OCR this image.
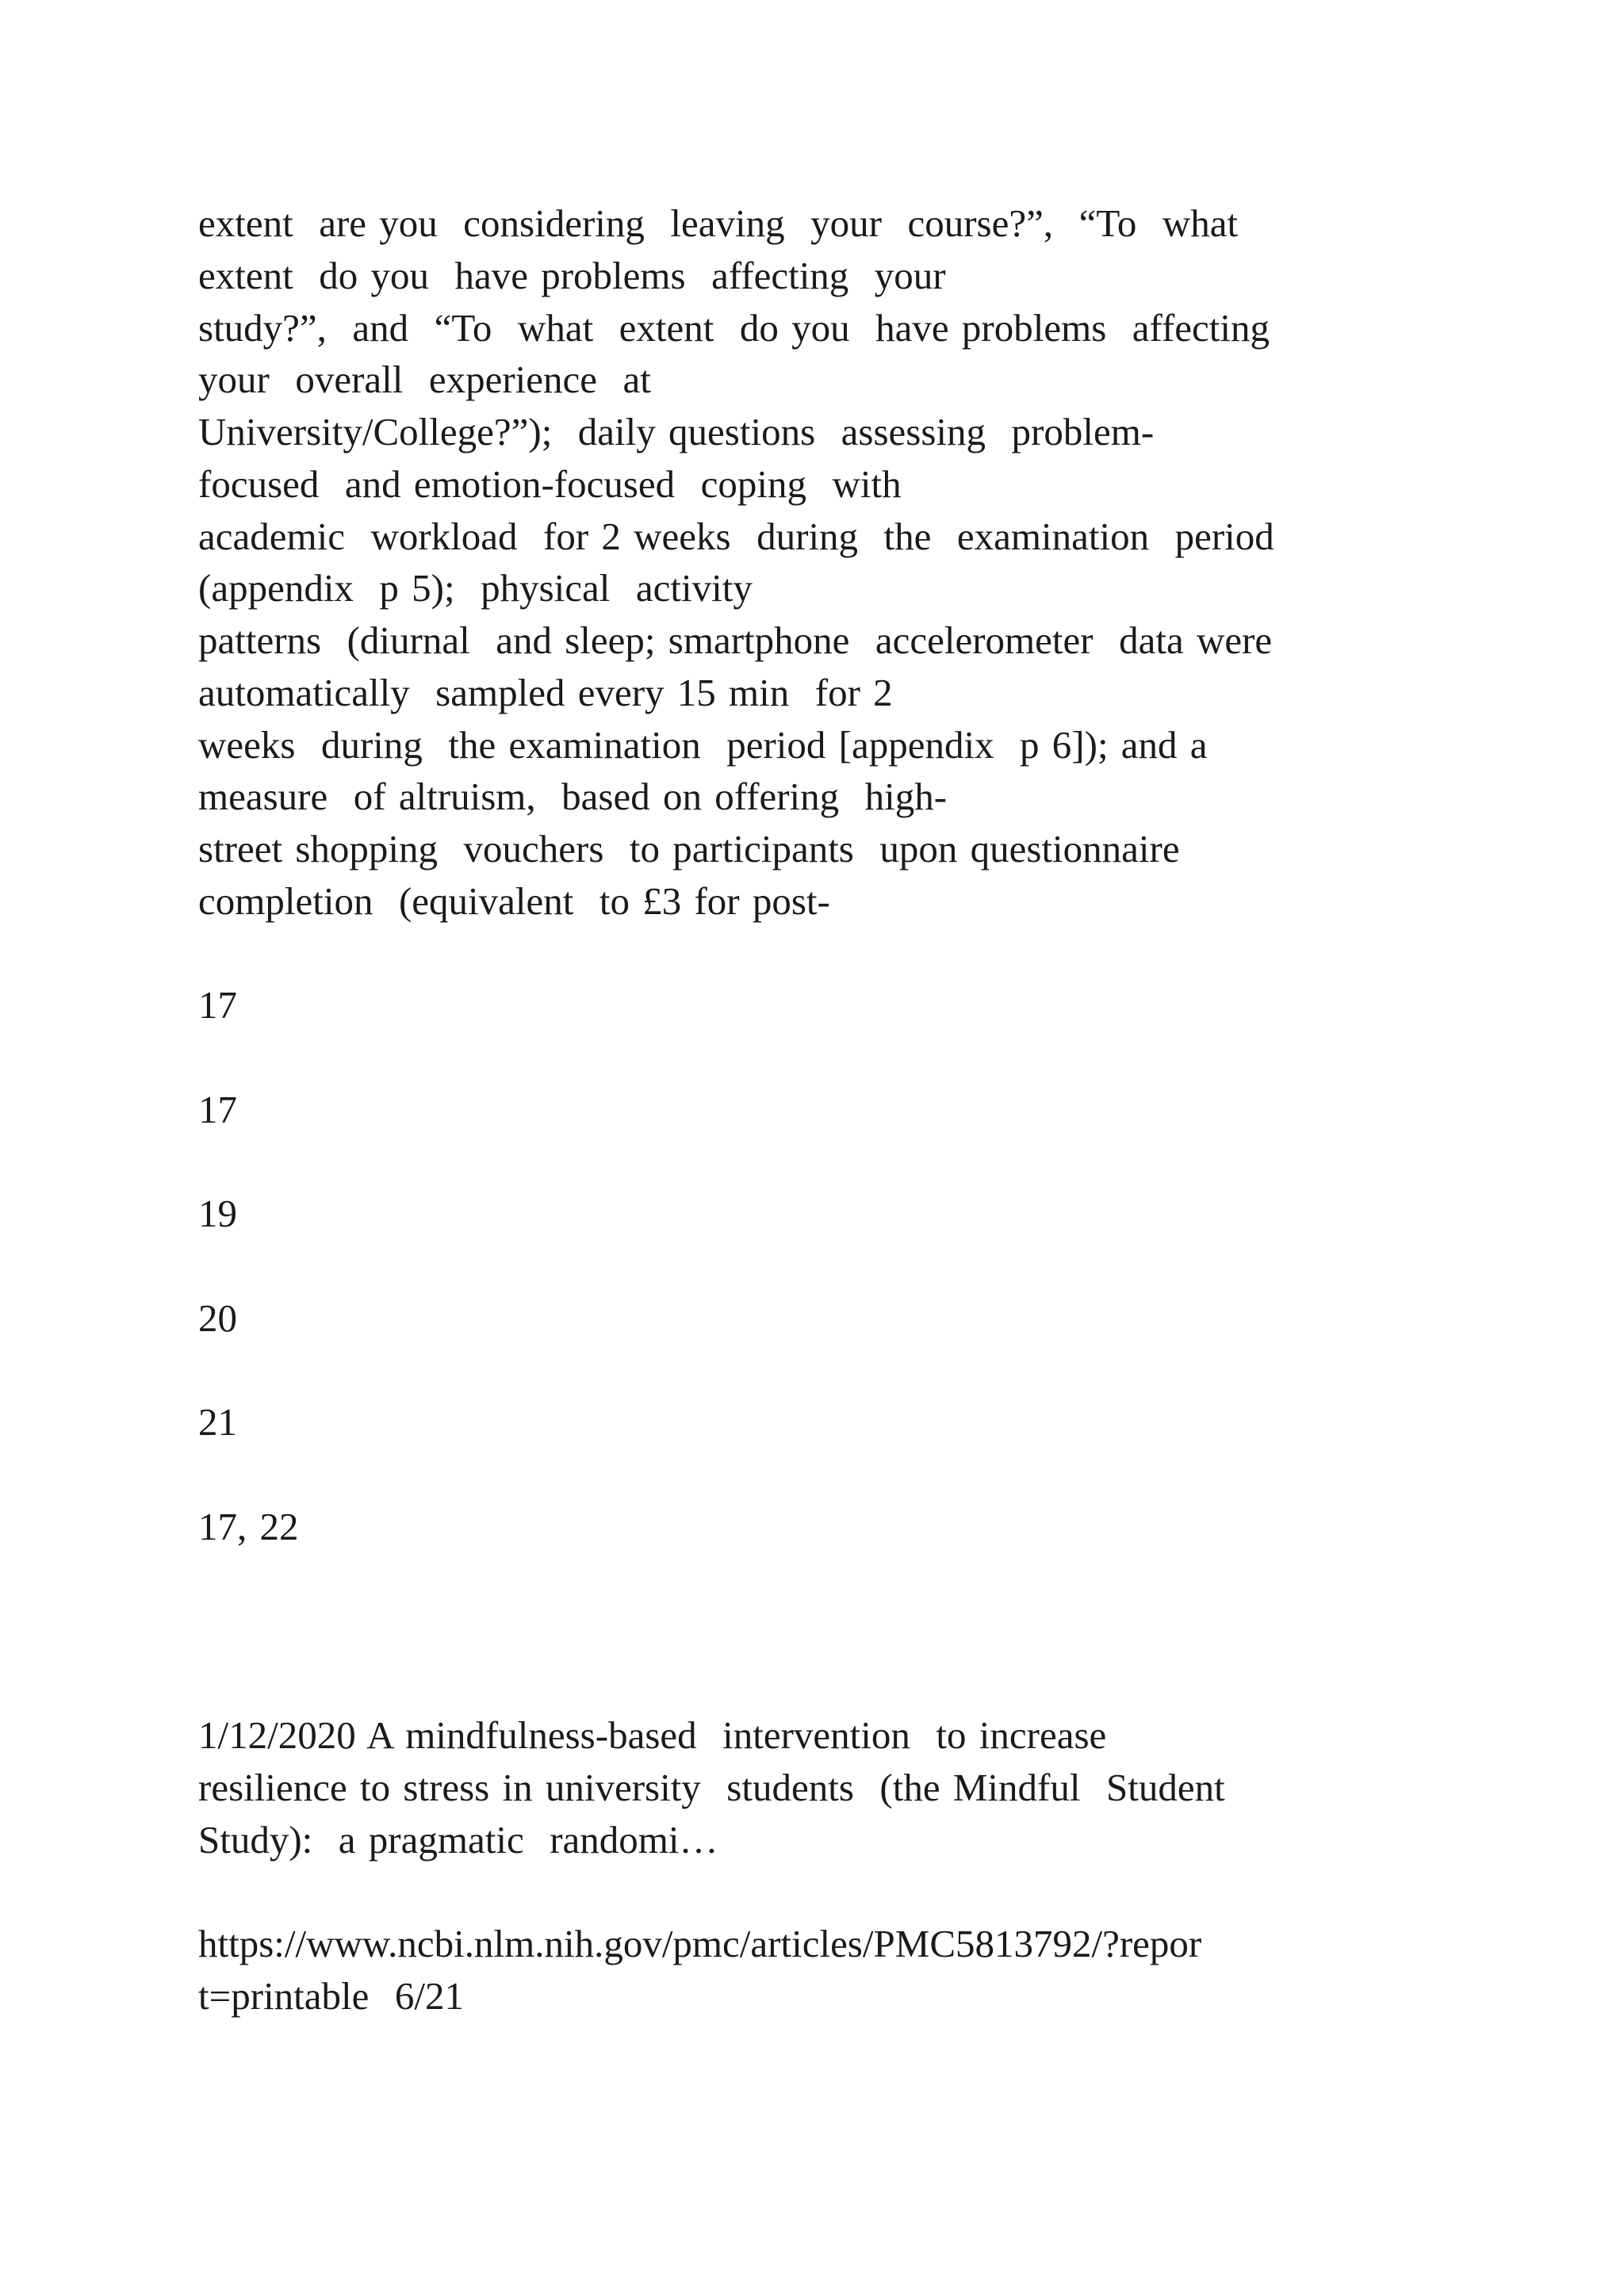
extent  are you  considering  leaving  your  course?”,  “To  what

extent  do you  have problems  affecting  your

study?”,  and  “To  what  extent  do you  have problems  affecting

your  overall  experience  at

University/College?”);  daily questions  assessing  problem-

focused  and emotion-focused  coping  with

academic  workload  for 2 weeks  during  the  examination  period

(appendix  p 5);  physical  activity

patterns  (diurnal  and sleep; smartphone  accelerometer  data were

automatically  sampled every 15 min  for 2

weeks  during  the examination  period [appendix  p 6]); and a

measure  of altruism,  based on offering  high-

street shopping  vouchers  to participants  upon questionnaire

completion  (equivalent  to £3 for post-

17

17

19

20

21

17, 22

1/12/2020 A mindfulness-based  intervention  to increase

resilience to stress in university  students  (the Mindful  Student

Study):  a pragmatic  randomi…

https://www.ncbi.nlm.nih.gov/pmc/articles/PMC5813792/?repor

t=printable  6/21
